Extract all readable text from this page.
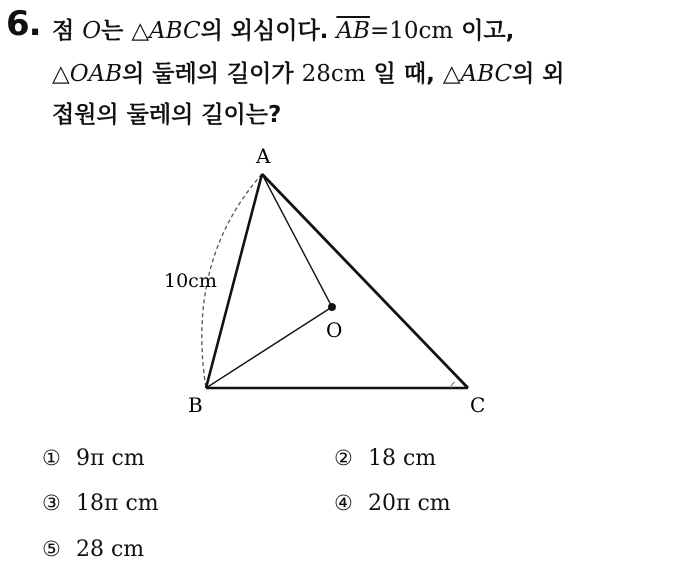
6. 점 O는 △ABC의 외심이다. $\overline{AB}=10cm$ 이고,
△OAB의 둘레의 길이가 28cm 일 때, △ABC의 외
접원의 둘레의 길이는?
A
B	C
O
10cm
① 9π cm	② 18 cm
③ 18π cm	④ 20π cm
⑤ 28 cm
